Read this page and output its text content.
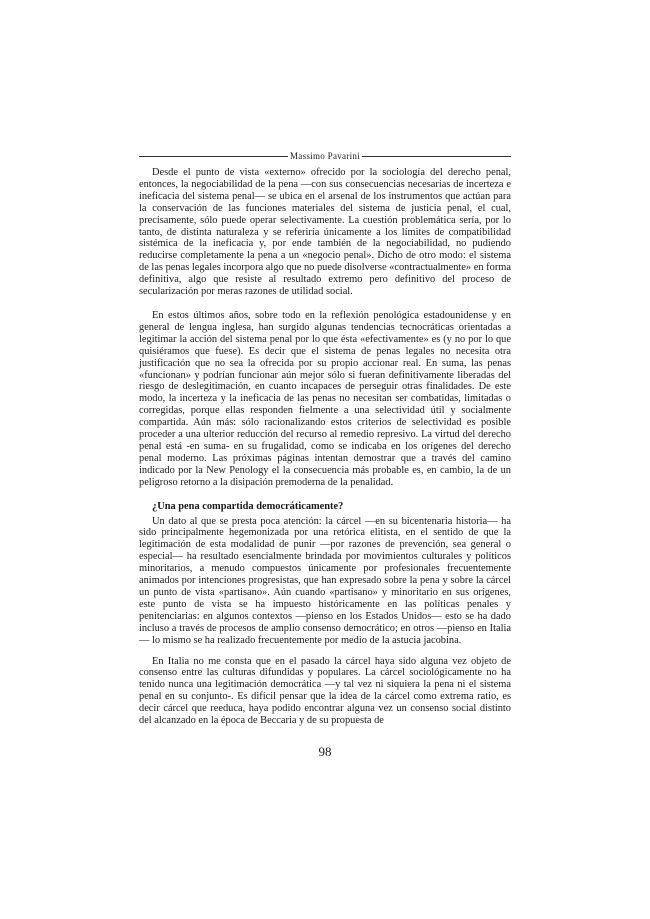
Massimo Pavarini

Desde el punto de vista «externo» ofrecido por la sociología del derecho penal, entonces, la negociabilidad de la pena —con sus consecuencias necesarias de incerteza e ineficacia del sistema penal— se ubica en el arsenal de los instrumentos que actúan para la conservación de las funciones materiales del sistema de justicia penal, el cual, precisamente, sólo puede operar selectivamente. La cuestión problemática sería, por lo tanto, de distinta naturaleza y se referiría únicamente a los límites de compatibilidad sistémica de la ineficacia y, por ende también de la negociabilidad, no pudiendo reducirse completamente la pena a un «negocio penal». Dicho de otro modo: el sistema de las penas legales incorpora algo que no puede disolverse «contractualmente» en forma definitiva, algo que resiste al resultado extremo pero definitivo del proceso de secularización por meras razones de utilidad social.

En estos últimos años, sobre todo en la reflexión penológica estadounidense y en general de lengua inglesa, han surgido algunas tendencias tecnocráticas orientadas a legitimar la acción del sistema penal por lo que ésta «efectivamente» es (y no por lo que quisiéramos que fuese). Es decir que el sistema de penas legales no necesita otra justificación que no sea la ofrecida por su propio accionar real. En suma, las penas «funcionan» y podrían funcionar aún mejor sólo si fueran definitivamente liberadas del riesgo de deslegitimación, en cuanto incapaces de perseguir otras finalidades. De este modo, la incerteza y la ineficacia de las penas no necesitan ser combatidas, limitadas o corregidas, porque ellas responden fielmente a una selectividad útil y socialmente compartida. Aún más: sólo racionalizando estos criterios de selectividad es posible proceder a una ulterior reducción del recurso al remedio represivo. La virtud del derecho penal está -en suma- en su frugalidad, como se indicaba en los orígenes del derecho penal moderno. Las próximas páginas intentan demostrar que a través del camino indicado por la New Penology el la consecuencia más probable es, en cambio, la de un peligroso retorno a la disipación premoderna de la penalidad.

¿Una pena compartida democráticamente?

Un dato al que se presta poca atención: la cárcel —en su bicentenaria historia— ha sido principalmente hegemonizada por una retórica elitista, en el sentido de que la legitimación de esta modalidad de punir —por razones de prevención, sea general o especial— ha resultado esencialmente brindada por movimientos culturales y políticos minoritarios, a menudo compuestos únicamente por profesionales frecuentemente animados por intenciones progresistas, que han expresado sobre la pena y sobre la cárcel un punto de vista «partisano». Aún cuando «partisano» y minoritario en sus orígenes, este punto de vista se ha impuesto históricamente en las políticas penales y penitenciarias: en algunos contextos —pienso en los Estados Unidos— esto se ha dado incluso a través de procesos de amplio consenso democrático; en otros —pienso en Italia— lo mismo se ha realizado frecuentemente por medio de la astucia jacobina.

En Italia no me consta que en el pasado la cárcel haya sido alguna vez objeto de consenso entre las culturas difundidas y populares. La cárcel sociológicamente no ha tenido nunca una legitimación democrática —y tal vez ni siquiera la pena ni el sistema penal en su conjunto-. Es difícil pensar que la idea de la cárcel como extrema ratio, es decir cárcel que reeduca, haya podido encontrar alguna vez un consenso social distinto del alcanzado en la época de Beccaria y de su propuesta de

98
